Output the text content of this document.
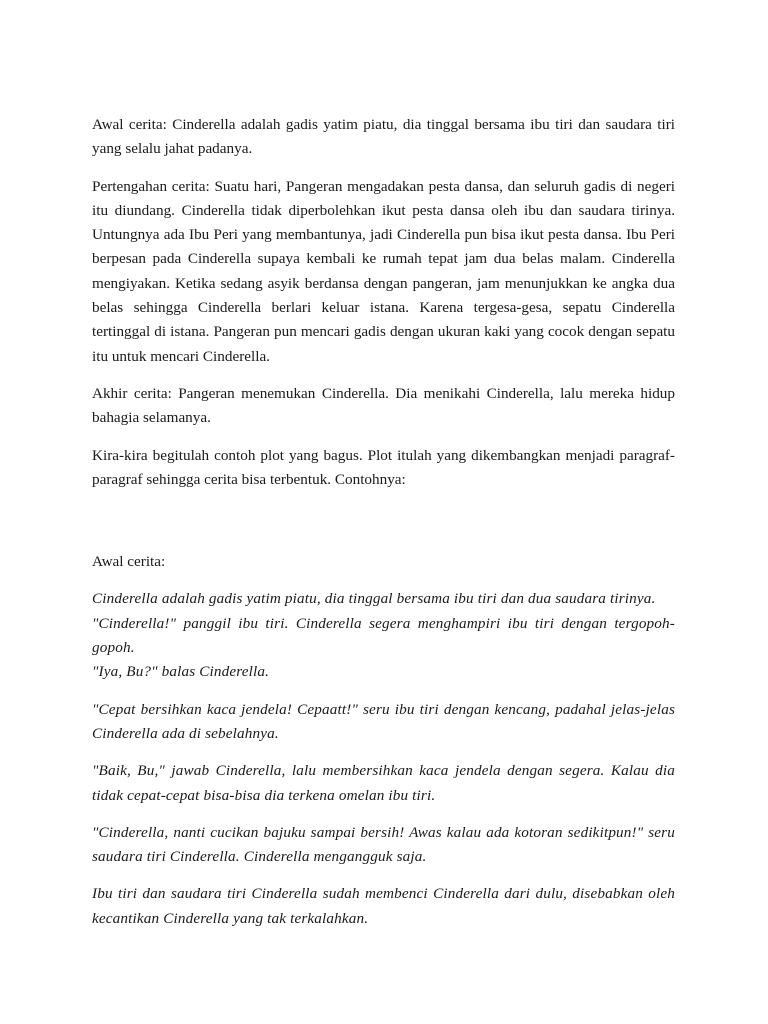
Awal cerita: Cinderella adalah gadis yatim piatu, dia tinggal bersama ibu tiri dan saudara tiri yang selalu jahat padanya.

Pertengahan cerita: Suatu hari, Pangeran mengadakan pesta dansa, dan seluruh gadis di negeri itu diundang. Cinderella tidak diperbolehkan ikut pesta dansa oleh ibu dan saudara tirinya. Untungnya ada Ibu Peri yang membantunya, jadi Cinderella pun bisa ikut pesta dansa. Ibu Peri berpesan pada Cinderella supaya kembali ke rumah tepat jam dua belas malam. Cinderella mengiyakan. Ketika sedang asyik berdansa dengan pangeran, jam menunjukkan ke angka dua belas sehingga Cinderella berlari keluar istana. Karena tergesa-gesa, sepatu Cinderella tertinggal di istana. Pangeran pun mencari gadis dengan ukuran kaki yang cocok dengan sepatu itu untuk mencari Cinderella.

Akhir cerita: Pangeran menemukan Cinderella. Dia menikahi Cinderella, lalu mereka hidup bahagia selamanya.

Kira-kira begitulah contoh plot yang bagus. Plot itulah yang dikembangkan menjadi paragraf-paragraf sehingga cerita bisa terbentuk. Contohnya:

Awal cerita:

Cinderella adalah gadis yatim piatu, dia tinggal bersama ibu tiri dan dua saudara tirinya.
"Cinderella!" panggil ibu tiri. Cinderella segera menghampiri ibu tiri dengan tergopoh-gopoh.
"Iya, Bu?" balas Cinderella.

"Cepat bersihkan kaca jendela! Cepaatt!" seru ibu tiri dengan kencang, padahal jelas-jelas Cinderella ada di sebelahnya.

"Baik, Bu," jawab Cinderella, lalu membersihkan kaca jendela dengan segera. Kalau dia tidak cepat-cepat bisa-bisa dia terkena omelan ibu tiri.

"Cinderella, nanti cucikan bajuku sampai bersih! Awas kalau ada kotoran sedikitpun!" seru saudara tiri Cinderella. Cinderella mengangguk saja.

Ibu tiri dan saudara tiri Cinderella sudah membenci Cinderella dari dulu, disebabkan oleh kecantikan Cinderella yang tak terkalahkan.
